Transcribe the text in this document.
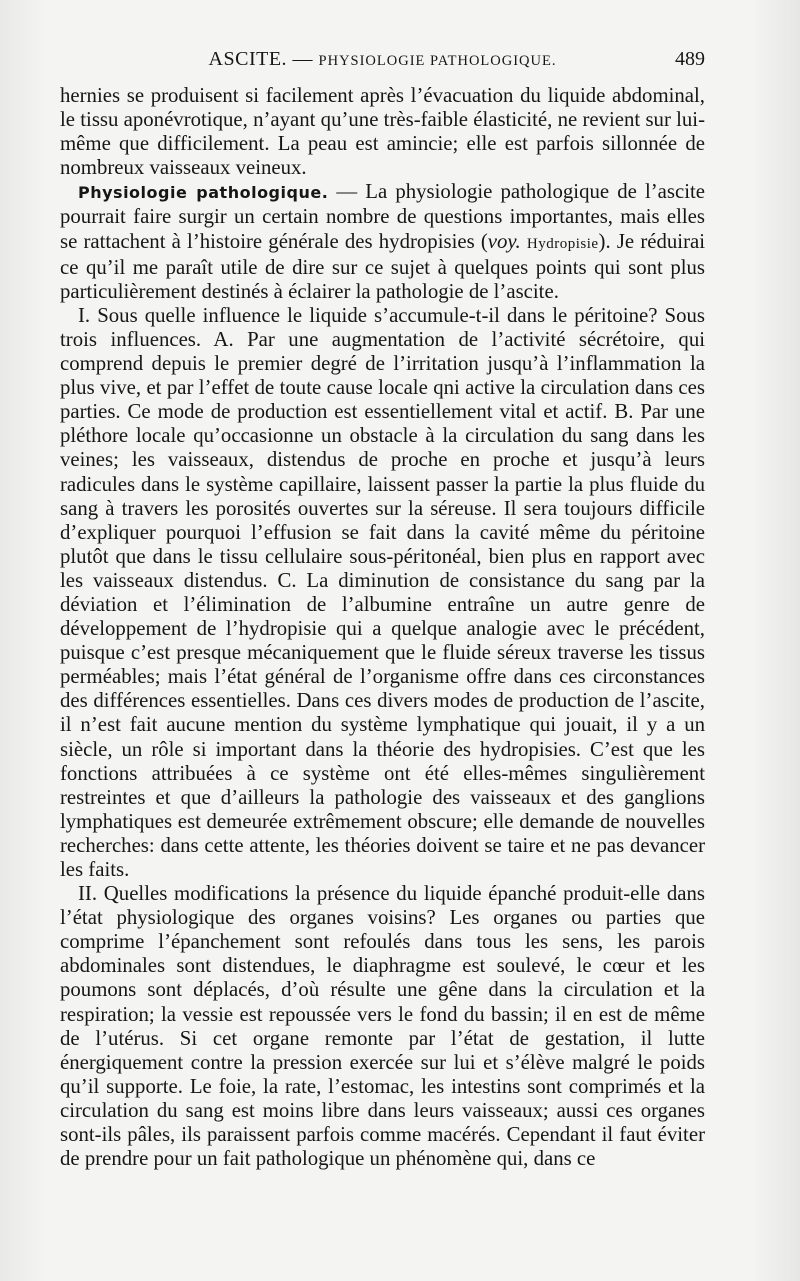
ASCITE. — PHYSIOLOGIE PATHOLOGIQUE.	489

hernies se produisent si facilement après l’évacuation du liquide abdominal, le tissu aponévrotique, n’ayant qu’une très-faible élasticité, ne revient sur lui-même que difficilement. La peau est amincie; elle est parfois sillonnée de nombreux vaisseaux veineux.

Physiologie pathologique. — La physiologie pathologique de l’ascite pourrait faire surgir un certain nombre de questions importantes, mais elles se rattachent à l’histoire générale des hydropisies (voy. Hydropisie). Je réduirai ce qu’il me paraît utile de dire sur ce sujet à quelques points qui sont plus particulièrement destinés à éclairer la pathologie de l’ascite.

I. Sous quelle influence le liquide s’accumule-t-il dans le péritoine? Sous trois influences. A. Par une augmentation de l’activité sécrétoire, qui comprend depuis le premier degré de l’irritation jusqu’à l’inflammation la plus vive, et par l’effet de toute cause locale qni active la circulation dans ces parties. Ce mode de production est essentiellement vital et actif. B. Par une pléthore locale qu’occasionne un obstacle à la circulation du sang dans les veines; les vaisseaux, distendus de proche en proche et jusqu’à leurs radicules dans le système capillaire, laissent passer la partie la plus fluide du sang à travers les porosités ouvertes sur la séreuse. Il sera toujours difficile d’expliquer pourquoi l’effusion se fait dans la cavité même du péritoine plutôt que dans le tissu cellulaire sous-péritonéal, bien plus en rapport avec les vaisseaux distendus. C. La diminution de consistance du sang par la déviation et l’élimination de l’albumine entraîne un autre genre de développement de l’hydropisie qui a quelque analogie avec le précédent, puisque c’est presque mécaniquement que le fluide séreux traverse les tissus perméables; mais l’état général de l’organisme offre dans ces circonstances des différences essentielles. Dans ces divers modes de production de l’ascite, il n’est fait aucune mention du système lymphatique qui jouait, il y a un siècle, un rôle si important dans la théorie des hydropisies. C’est que les fonctions attribuées à ce système ont été elles-mêmes singulièrement restreintes et que d’ailleurs la pathologie des vaisseaux et des ganglions lymphatiques est demeurée extrêmement obscure; elle demande de nouvelles recherches: dans cette attente, les théories doivent se taire et ne pas devancer les faits.

II. Quelles modifications la présence du liquide épanché produit-elle dans l’état physiologique des organes voisins? Les organes ou parties que comprime l’épanchement sont refoulés dans tous les sens, les parois abdominales sont distendues, le diaphragme est soulevé, le cœur et les poumons sont déplacés, d’où résulte une gêne dans la circulation et la respiration; la vessie est repoussée vers le fond du bassin; il en est de même de l’utérus. Si cet organe remonte par l’état de gestation, il lutte énergiquement contre la pression exercée sur lui et s’élève malgré le poids qu’il supporte. Le foie, la rate, l’estomac, les intestins sont comprimés et la circulation du sang est moins libre dans leurs vaisseaux; aussi ces organes sont-ils pâles, ils paraissent parfois comme macérés. Cependant il faut éviter de prendre pour un fait pathologique un phénomène qui, dans ce
